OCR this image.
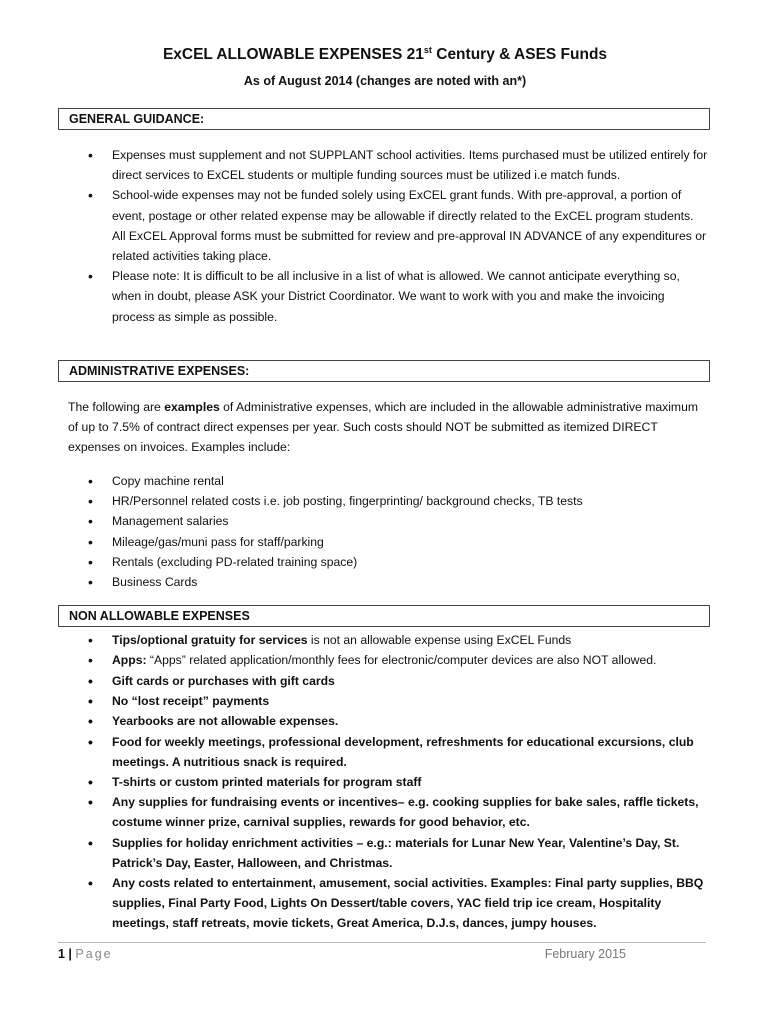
ExCEL ALLOWABLE EXPENSES 21st Century & ASES Funds
As of August 2014 (changes are noted with an*)
GENERAL GUIDANCE:
• Expenses must supplement and not SUPPLANT school activities. Items purchased must be utilized entirely for direct services to ExCEL students or multiple funding sources must be utilized i.e match funds.
• School-wide expenses may not be funded solely using ExCEL grant funds. With pre-approval, a portion of event, postage or other related expense may be allowable if directly related to the ExCEL program students. All ExCEL Approval forms must be submitted for review and pre-approval IN ADVANCE of any expenditures or related activities taking place.
• Please note: It is difficult to be all inclusive in a list of what is allowed. We cannot anticipate everything so, when in doubt, please ASK your District Coordinator. We want to work with you and make the invoicing process as simple as possible.
ADMINISTRATIVE EXPENSES:
The following are examples of Administrative expenses, which are included in the allowable administrative maximum of up to 7.5% of contract direct expenses per year. Such costs should NOT be submitted as itemized DIRECT expenses on invoices. Examples include:
• Copy machine rental
• HR/Personnel related costs i.e. job posting, fingerprinting/ background checks, TB tests
• Management salaries
• Mileage/gas/muni pass for staff/parking
• Rentals (excluding PD-related training space)
• Business Cards
NON ALLOWABLE EXPENSES
• Tips/optional gratuity for services is not an allowable expense using ExCEL Funds
• Apps: “Apps” related application/monthly fees for electronic/computer devices are also NOT allowed.
• Gift cards or purchases with gift cards
• No “lost receipt” payments
• Yearbooks are not allowable expenses.
• Food for weekly meetings, professional development, refreshments for educational excursions, club meetings. A nutritious snack is required.
• T-shirts or custom printed materials for program staff
• Any supplies for fundraising events or incentives– e.g. cooking supplies for bake sales, raffle tickets, costume winner prize, carnival supplies, rewards for good behavior, etc.
• Supplies for holiday enrichment activities – e.g.: materials for Lunar New Year, Valentine’s Day, St. Patrick’s Day, Easter, Halloween, and Christmas.
• Any costs related to entertainment, amusement, social activities. Examples: Final party supplies, BBQ supplies, Final Party Food, Lights On Dessert/table covers, YAC field trip ice cream, Hospitality meetings, staff retreats, movie tickets, Great America, D.J.s, dances, jumpy houses.
1 | Page	February 2015
